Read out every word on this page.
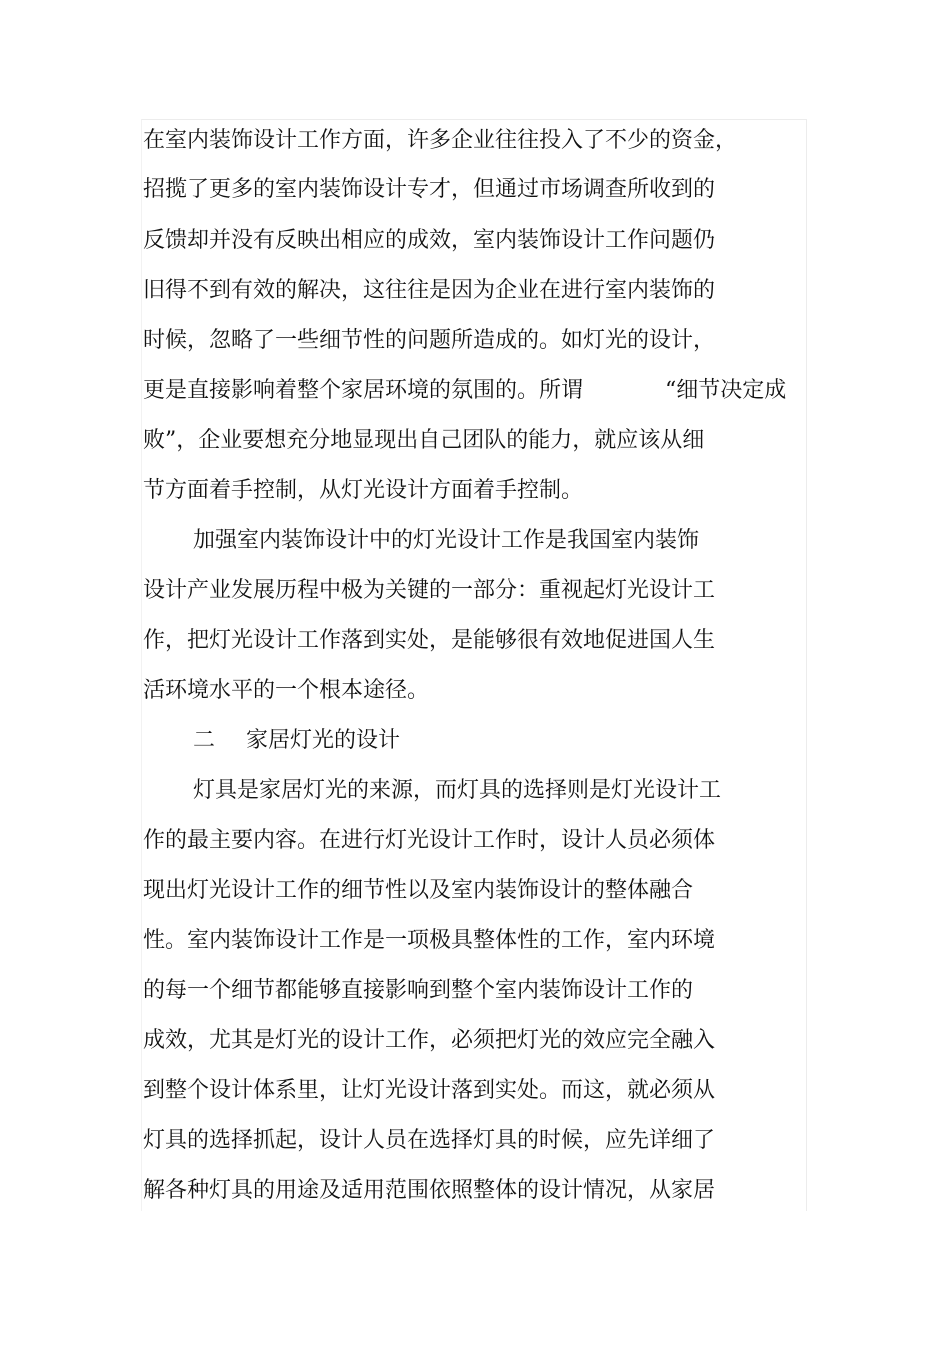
在室内装饰设计工作方面，许多企业往往投入了不少的资金，
招揽了更多的室内装饰设计专才，但通过市场调查所收到的
反馈却并没有反映出相应的成效，室内装饰设计工作问题仍
旧得不到有效的解决，这往往是因为企业在进行室内装饰的
时候，忽略了一些细节性的问题所造成的。如灯光的设计，
更是直接影响着整个家居环境的氛围的。所谓	“细节决定成
败”，企业要想充分地显现出自己团队的能力，就应该从细
节方面着手控制，从灯光设计方面着手控制。
加强室内装饰设计中的灯光设计工作是我国室内装饰
设计产业发展历程中极为关键的一部分：重视起灯光设计工
作，把灯光设计工作落到实处，是能够很有效地促进国人生
活环境水平的一个根本途径。
二 家居灯光的设计
灯具是家居灯光的来源，而灯具的选择则是灯光设计工
作的最主要内容。在进行灯光设计工作时，设计人员必须体
现出灯光设计工作的细节性以及室内装饰设计的整体融合
性。室内装饰设计工作是一项极具整体性的工作，室内环境
的每一个细节都能够直接影响到整个室内装饰设计工作的
成效，尤其是灯光的设计工作，必须把灯光的效应完全融入
到整个设计体系里，让灯光设计落到实处。而这，就必须从
灯具的选择抓起，设计人员在选择灯具的时候，应先详细了
解各种灯具的用途及适用范围依照整体的设计情况，从家居
